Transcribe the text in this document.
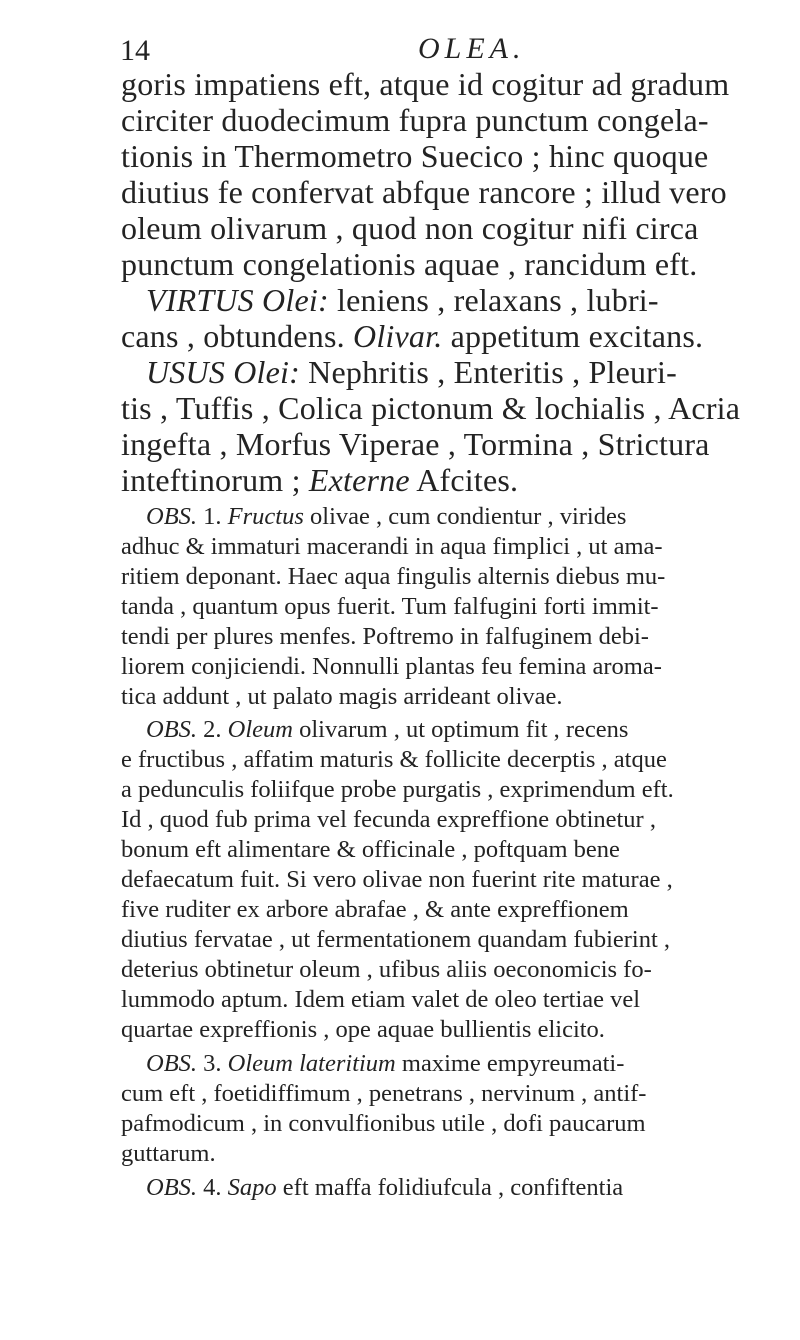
14	OLEA.
goris impatiens eft, atque id cogitur ad gradum
circiter duodecimum fupra punctum congela-
tionis in Thermometro Suecico ; hinc quoque
diutius fe confervat abfque rancore ; illud vero
oleum olivarum , quod non cogitur nifi circa
punctum congelationis aquae , rancidum eft.
VIRTUS Olei: leniens , relaxans , lubri-
cans , obtundens. Olivar. appetitum excitans.
USUS Olei: Nephritis , Enteritis , Pleuri-
tis , Tuffis , Colica pictonum & lochialis , Acria
ingefta , Morfus Viperae , Tormina , Strictura
inteftinorum ; Externe Afcites.
OBS. 1. Fructus olivae , cum condientur , virides
adhuc & immaturi macerandi in aqua fimplici , ut ama-
ritiem deponant. Haec aqua fingulis alternis diebus mu-
tanda , quantum opus fuerit. Tum falfugini forti immit-
tendi per plures menfes. Poftremo in falfuginem debi-
liorem conjiciendi. Nonnulli plantas feu femina aroma-
tica addunt , ut palato magis arrideant olivae.
OBS. 2. Oleum olivarum , ut optimum fit , recens
e fructibus , affatim maturis & follicite decerptis , atque
a pedunculis foliifque probe purgatis , exprimendum eft.
Id , quod fub prima vel fecunda expreffione obtinetur ,
bonum eft alimentare & officinale , poftquam bene
defaecatum fuit. Si vero olivae non fuerint rite maturae ,
five ruditer ex arbore abrafae , & ante expreffionem
diutius fervatae , ut fermentationem quandam fubierint ,
deterius obtinetur oleum , ufibus aliis oeconomicis fo-
lummodo aptum. Idem etiam valet de oleo tertiae vel
quartae expreffionis , ope aquae bullientis elicito.
OBS. 3. Oleum lateritium maxime empyreumati-
cum eft , foetidiffimum , penetrans , nervinum , antif-
pafmodicum , in convulfionibus utile , dofi paucarum
guttarum.
OBS. 4. Sapo eft maffa folidiufcula , confiftentia
